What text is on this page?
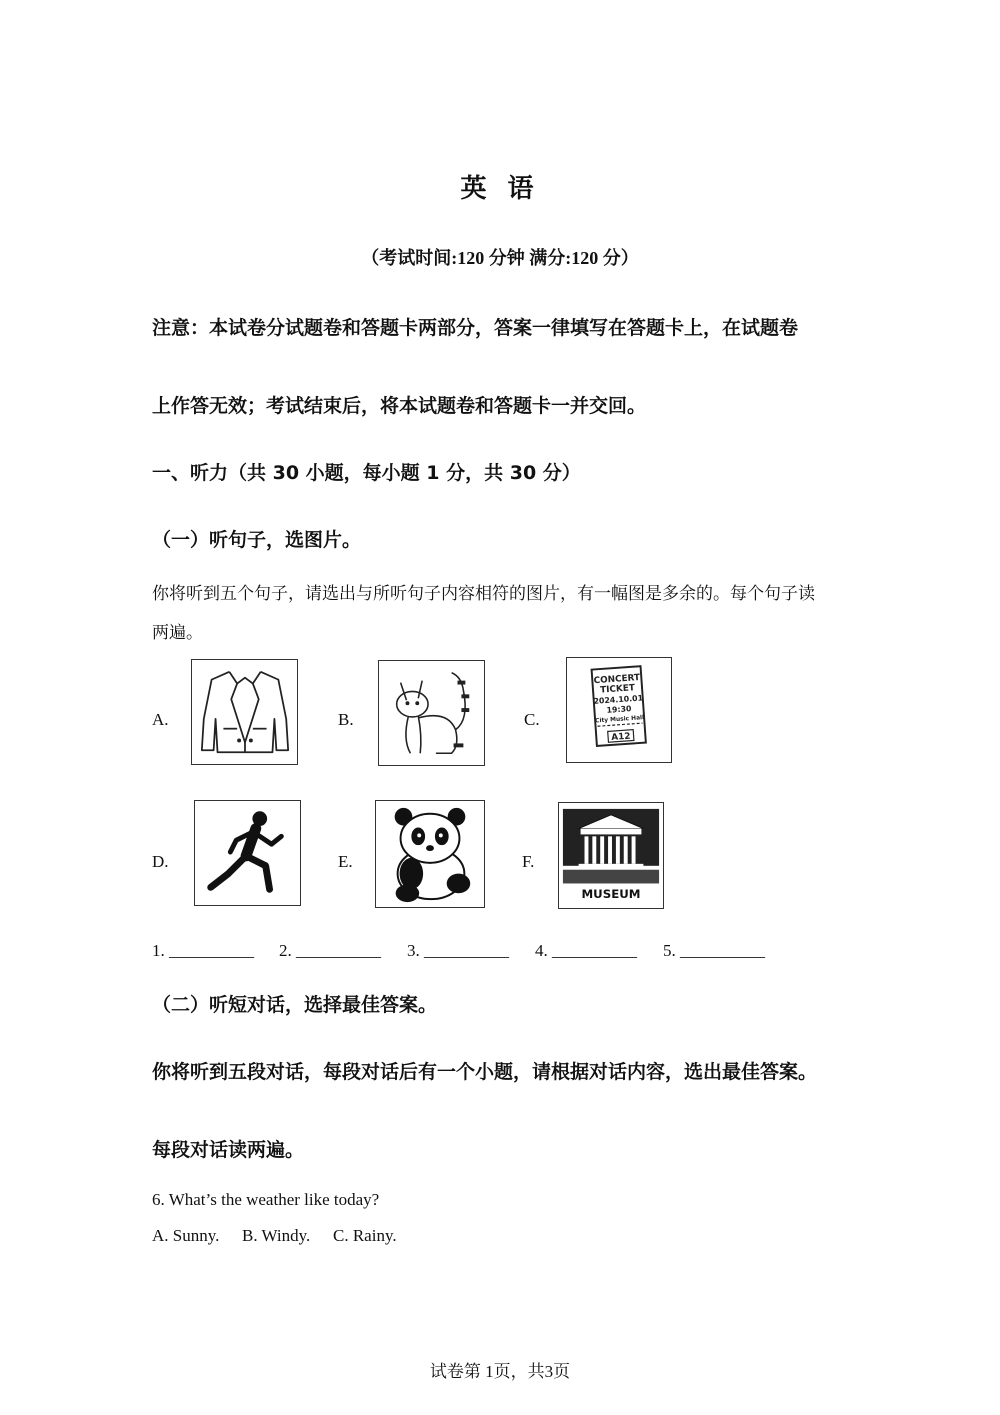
英 语
（考试时间:120 分钟 满分:120 分）
注意：本试卷分试题卷和答题卡两部分，答案一律填写在答题卡上，在试题卷
上作答无效；考试结束后，将本试题卷和答题卡一并交回。
一、听力（共 30 小题，每小题 1 分，共 30 分）
（一）听句子，选图片。
你将听到五个句子，请选出与所听句子内容相符的图片，有一幅图是多余的。每个句子读
两遍。
A.	B.	C.
D.	E.	F.
CONCERT
TICKET
2024.10.01
19:30
City Music Hall
A12
MUSEUM
1. __________ 2. __________ 3. __________ 4. __________ 5. __________
（二）听短对话，选择最佳答案。
你将听到五段对话，每段对话后有一个小题，请根据对话内容，选出最佳答案。
每段对话读两遍。
6. What’s the weather like today?
A. Sunny. B. Windy. C. Rainy.
试卷第 1页，共3页
